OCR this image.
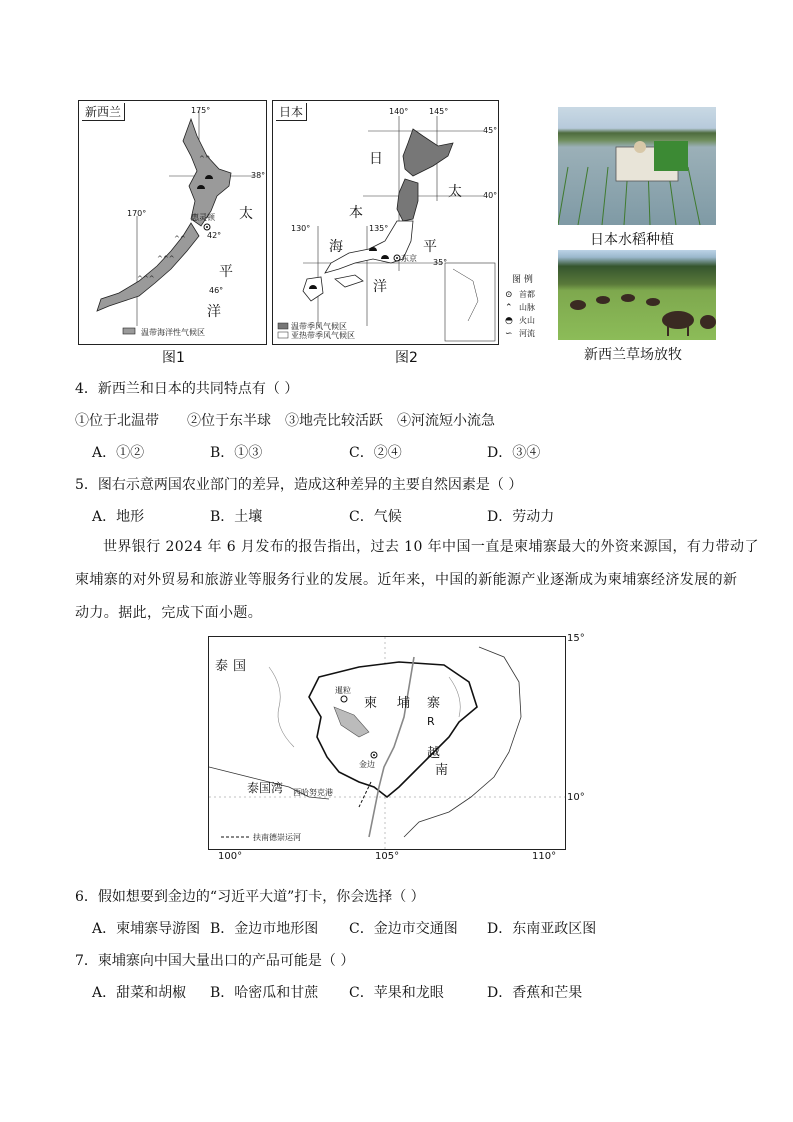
新西兰
^^^
^^^
^^
^^
175°
170°
38°
42°
46°
惠灵顿 太
平
洋
温带海洋性气候区
图1
日本	140°	145°
45°
40°
35°
130°	135°
日
本
海
太
平
洋
东京
温带季风气候区
亚热带季风气候区
图2
图 例
⊙ 首都
⌃ 山脉
◓ 火山
∽ 河流
日本水稻种植
新西兰草场放牧
4．新西兰和日本的共同特点有（ ）
①位于北温带　　②位于东半球　③地壳比较活跃　④河流短小流急
A．①②	B．①③	C．②④	D．③④
5．图右示意两国农业部门的差异，造成这种差异的主要自然因素是（ ）
A．地形	B．土壤	C．气候	D．劳动力
世界银行 2024 年 6 月发布的报告指出，过去 10 年中国一直是柬埔寨最大的外资来源国，有力带动了
柬埔寨的对外贸易和旅游业等服务行业的发展。近年来，中国的新能源产业逐渐成为柬埔寨经济发展的新
动力。据此，完成下面小题。
泰 国
柬 埔 寨
越
南
泰国湾
暹粒
金边
西哈努克港
R
扶南德崇运河
15°
10°
100°	105°	110°
6．假如想要到金边的“习近平大道”打卡，你会选择（ ）
A．柬埔寨导游图 B．金边市地形图 C．金边市交通图 D．东南亚政区图
7．柬埔寨向中国大量出口的产品可能是（ ）
A．甜菜和胡椒 B．哈密瓜和甘蔗 C．苹果和龙眼	D．香蕉和芒果
